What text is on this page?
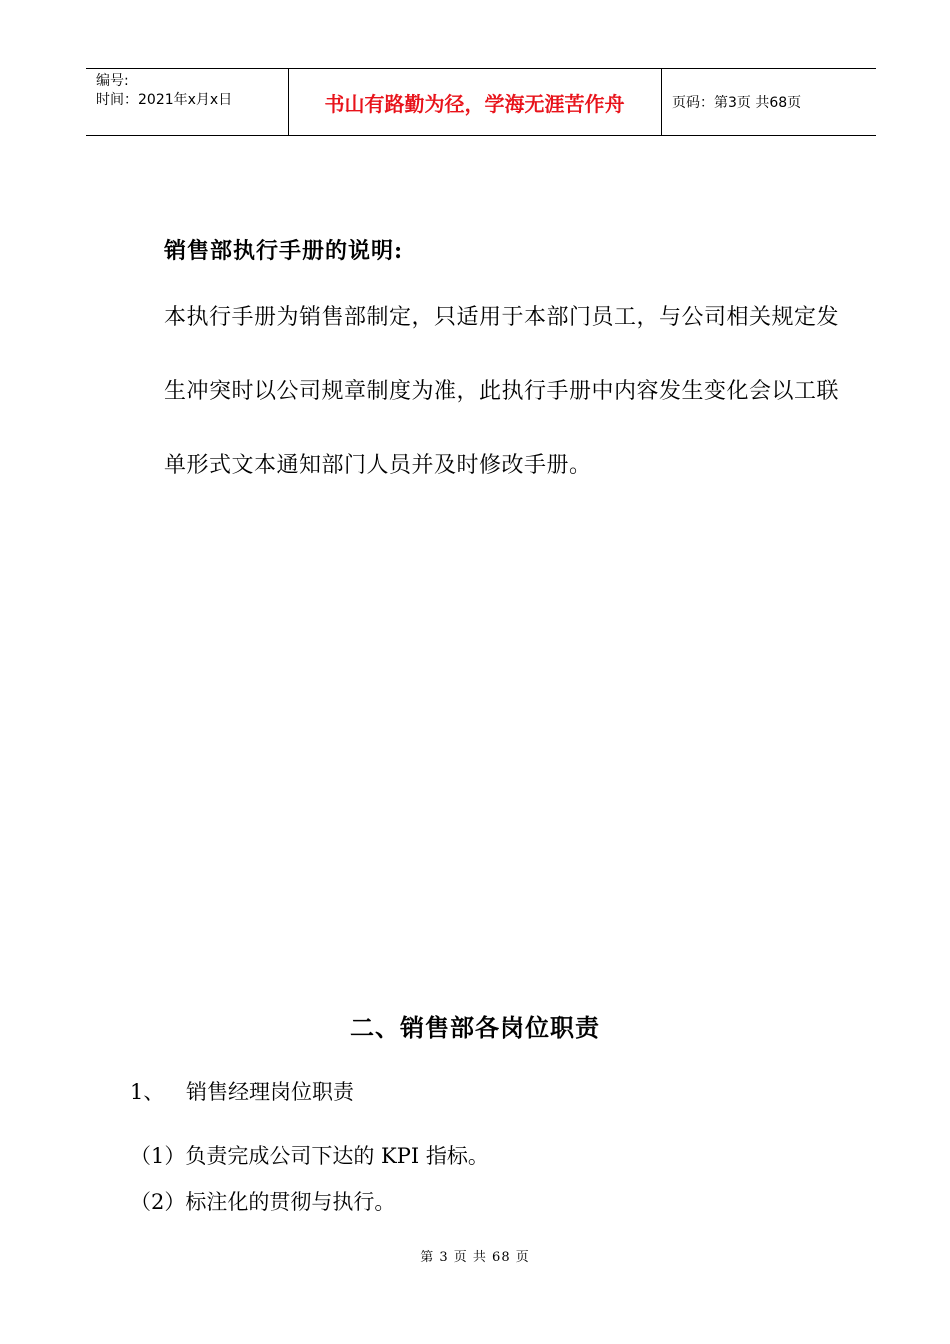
编号:
时间：2021年x月x日	书山有路勤为径，学海无涯苦作舟	页码：第3页 共68页
销售部执行手册的说明:
本执行手册为销售部制定，只适用于本部门员工，与公司相关规定发
生冲突时以公司规章制度为准，此执行手册中内容发生变化会以工联
单形式文本通知部门人员并及时修改手册。
二、销售部各岗位职责
1、 销售经理岗位职责
（1）负责完成公司下达的 KPI 指标。
（2）标注化的贯彻与执行。
第 3 页 共 68 页
